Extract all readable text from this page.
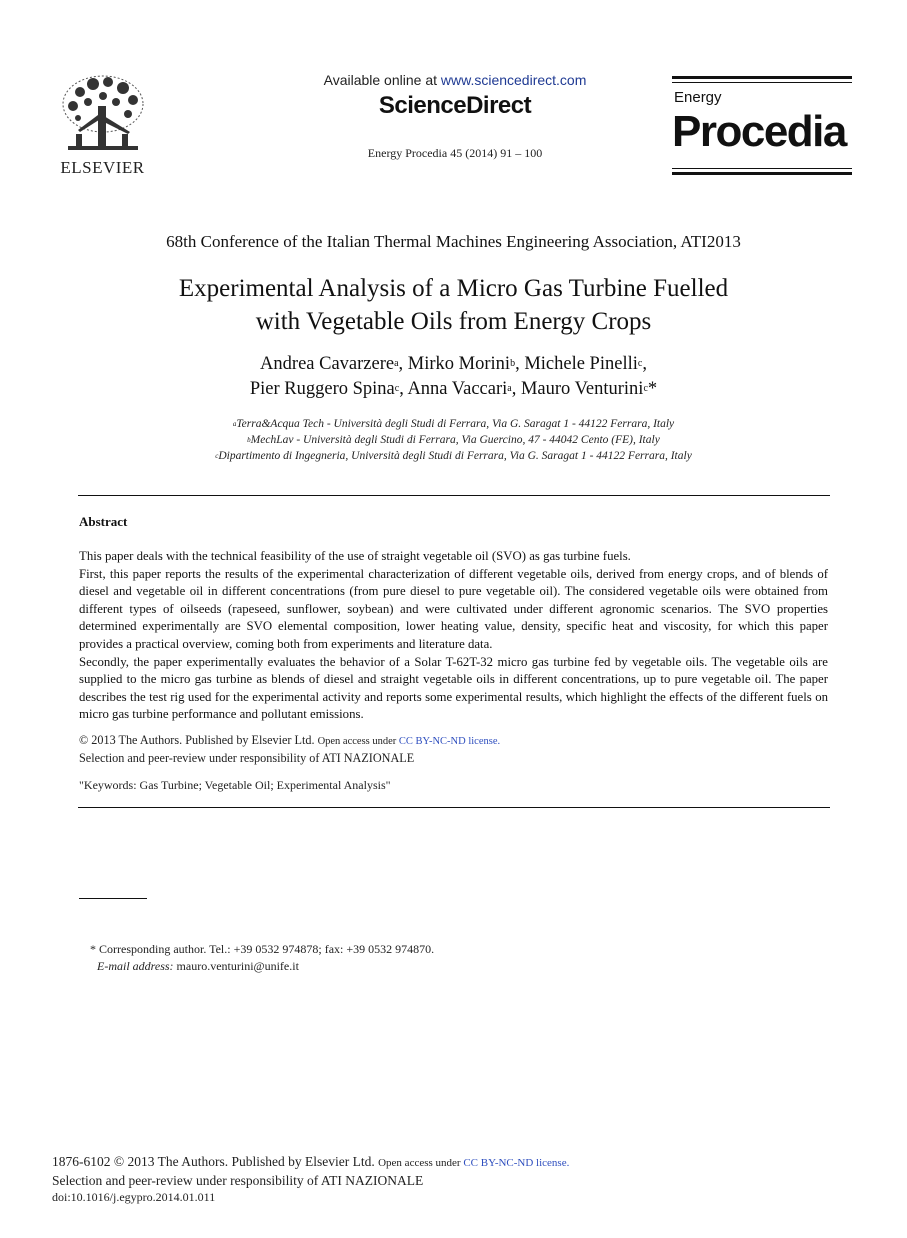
ELSEVIER
Available online at www.sciencedirect.com
ScienceDirect
Energy Procedia 45 (2014) 91 – 100
Energy
Procedia
68th Conference of the Italian Thermal Machines Engineering Association, ATI2013
Experimental Analysis of a Micro Gas Turbine Fuelled
with Vegetable Oils from Energy Crops
Andrea Cavarzere$^a$, Mirko Morini$^b$, Michele Pinelli$^c$,
Pier Ruggero Spina$^c$, Anna Vaccari$^a$, Mauro Venturini$^c$*
$^a$Terra&Acqua Tech - Università degli Studi di Ferrara, Via G. Saragat 1 - 44122 Ferrara, Italy
$^b$MechLav - Università degli Studi di Ferrara, Via Guercino, 47 - 44042 Cento (FE), Italy
$^c$Dipartimento di Ingegneria, Università degli Studi di Ferrara, Via G. Saragat 1 - 44122 Ferrara, Italy
Abstract

This paper deals with the technical feasibility of the use of straight vegetable oil (SVO) as gas turbine fuels.

First, this paper reports the results of the experimental characterization of different vegetable oils, derived from energy crops, and of blends of diesel and vegetable oil in different concentrations (from pure diesel to pure vegetable oil). The considered vegetable oils were obtained from different types of oilseeds (rapeseed, sunflower, soybean) and were cultivated under different agronomic scenarios. The SVO properties determined experimentally are SVO elemental composition, lower heating value, density, specific heat and viscosity, for which this paper provides a practical overview, coming both from experiments and literature data.

Secondly, the paper experimentally evaluates the behavior of a Solar T-62T-32 micro gas turbine fed by vegetable oils. The vegetable oils are supplied to the micro gas turbine as blends of diesel and straight vegetable oils in different concentrations, up to pure vegetable oil. The paper describes the test rig used for the experimental activity and reports some experimental results, which highlight the effects of the different fuels on micro gas turbine performance and pollutant emissions.

© 2013 The Authors. Published by Elsevier Ltd. Open access under CC BY-NC-ND license.
Selection and peer-review under responsibility of ATI NAZIONALE
"Keywords: Gas Turbine; Vegetable Oil; Experimental Analysis"
* Corresponding author. Tel.: +39 0532 974878; fax: +39 0532 974870.
E-mail address: mauro.venturini@unife.it
1876-6102 © 2013 The Authors. Published by Elsevier Ltd. Open access under CC BY-NC-ND license.
Selection and peer-review under responsibility of ATI NAZIONALE
doi:10.1016/j.egypro.2014.01.011
